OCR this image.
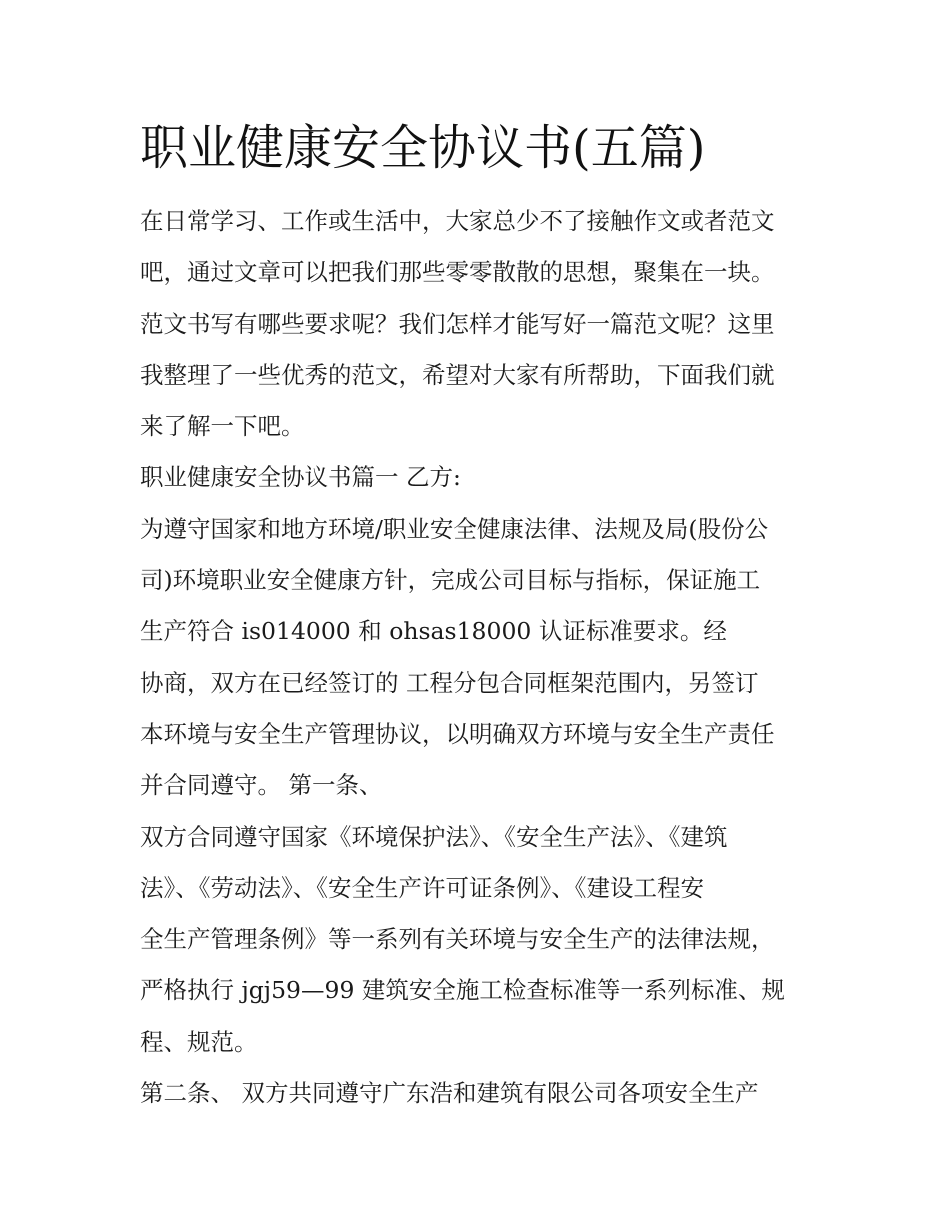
职业健康安全协议书(五篇)

在日常学习、工作或生活中，大家总少不了接触作文或者范文

吧，通过文章可以把我们那些零零散散的思想，聚集在一块。

范文书写有哪些要求呢？我们怎样才能写好一篇范文呢？这里

我整理了一些优秀的范文，希望对大家有所帮助，下面我们就

来了解一下吧。

职业健康安全协议书篇一 乙方:

为遵守国家和地方环境/职业安全健康法律、法规及局(股份公

司)环境职业安全健康方针，完成公司目标与指标，保证施工

生产符合 is014000 和 ohsas18000 认证标准要求。经

协商，双方在已经签订的 工程分包合同框架范围内，另签订

本环境与安全生产管理协议，以明确双方环境与安全生产责任

并合同遵守。 第一条、

双方合同遵守国家《环境保护法》、《安全生产法》、《建筑

法》、《劳动法》、《安全生产许可证条例》、《建设工程安

全生产管理条例》等一系列有关环境与安全生产的法律法规，

严格执行 jgj59—99 建筑安全施工检查标准等一系列标准、规

程、规范。

第二条、 双方共同遵守广东浩和建筑有限公司各项安全生产
